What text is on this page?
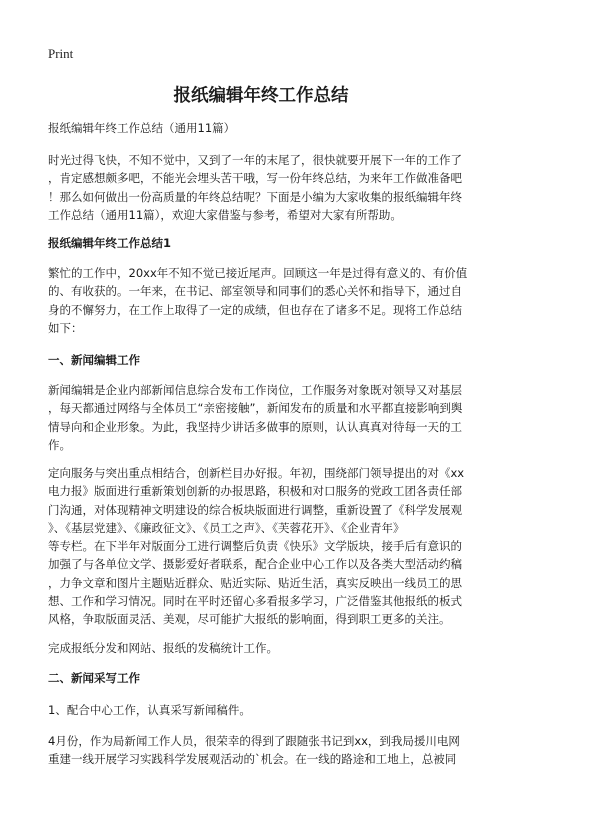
Print
报纸编辑年终工作总结
报纸编辑年终工作总结（通用11篇）
时光过得飞快，不知不觉中，又到了一年的末尾了，很快就要开展下一年的工作了
，肯定感想颇多吧，不能光会埋头苦干哦，写一份年终总结，为来年工作做准备吧
！那么如何做出一份高质量的年终总结呢？下面是小编为大家收集的报纸编辑年终
工作总结（通用11篇），欢迎大家借鉴与参考，希望对大家有所帮助。
报纸编辑年终工作总结1
繁忙的工作中，20xx年不知不觉已接近尾声。回顾这一年是过得有意义的、有价值
的、有收获的。一年来，在书记、部室领导和同事们的悉心关怀和指导下，通过自
身的不懈努力，在工作上取得了一定的成绩，但也存在了诸多不足。现将工作总结
如下：
一、新闻编辑工作
新闻编辑是企业内部新闻信息综合发布工作岗位，工作服务对象既对领导又对基层
，每天都通过网络与全体员工“亲密接触”，新闻发布的质量和水平都直接影响到舆
情导向和企业形象。为此，我坚持少讲话多做事的原则，认认真真对待每一天的工
作。
定向服务与突出重点相结合，创新栏目办好报。年初，围绕部门领导提出的对《xx
电力报》版面进行重新策划创新的办报思路，积极和对口服务的党政工团各责任部
门沟通，对体现精神文明建设的综合板块版面进行调整，重新设置了《科学发展观
》、《基层党建》、《廉政征文》、《员工之声》、《芙蓉花开》、《企业青年》
等专栏。在下半年对版面分工进行调整后负责《快乐》文学版块，接手后有意识的
加强了与各单位文学、摄影爱好者联系，配合企业中心工作以及各类大型活动约稿
，力争文章和图片主题贴近群众、贴近实际、贴近生活，真实反映出一线员工的思
想、工作和学习情况。同时在平时还留心多看报多学习，广泛借鉴其他报纸的板式
风格，争取版面灵活、美观，尽可能扩大报纸的影响面，得到职工更多的关注。
完成报纸分发和网站、报纸的发稿统计工作。
二、新闻采写工作
1、配合中心工作，认真采写新闻稿件。
4月份，作为局新闻工作人员，很荣幸的得到了跟随张书记到xx，到我局援川电网
重建一线开展学习实践科学发展观活动的`机会。在一线的路途和工地上，总被同
